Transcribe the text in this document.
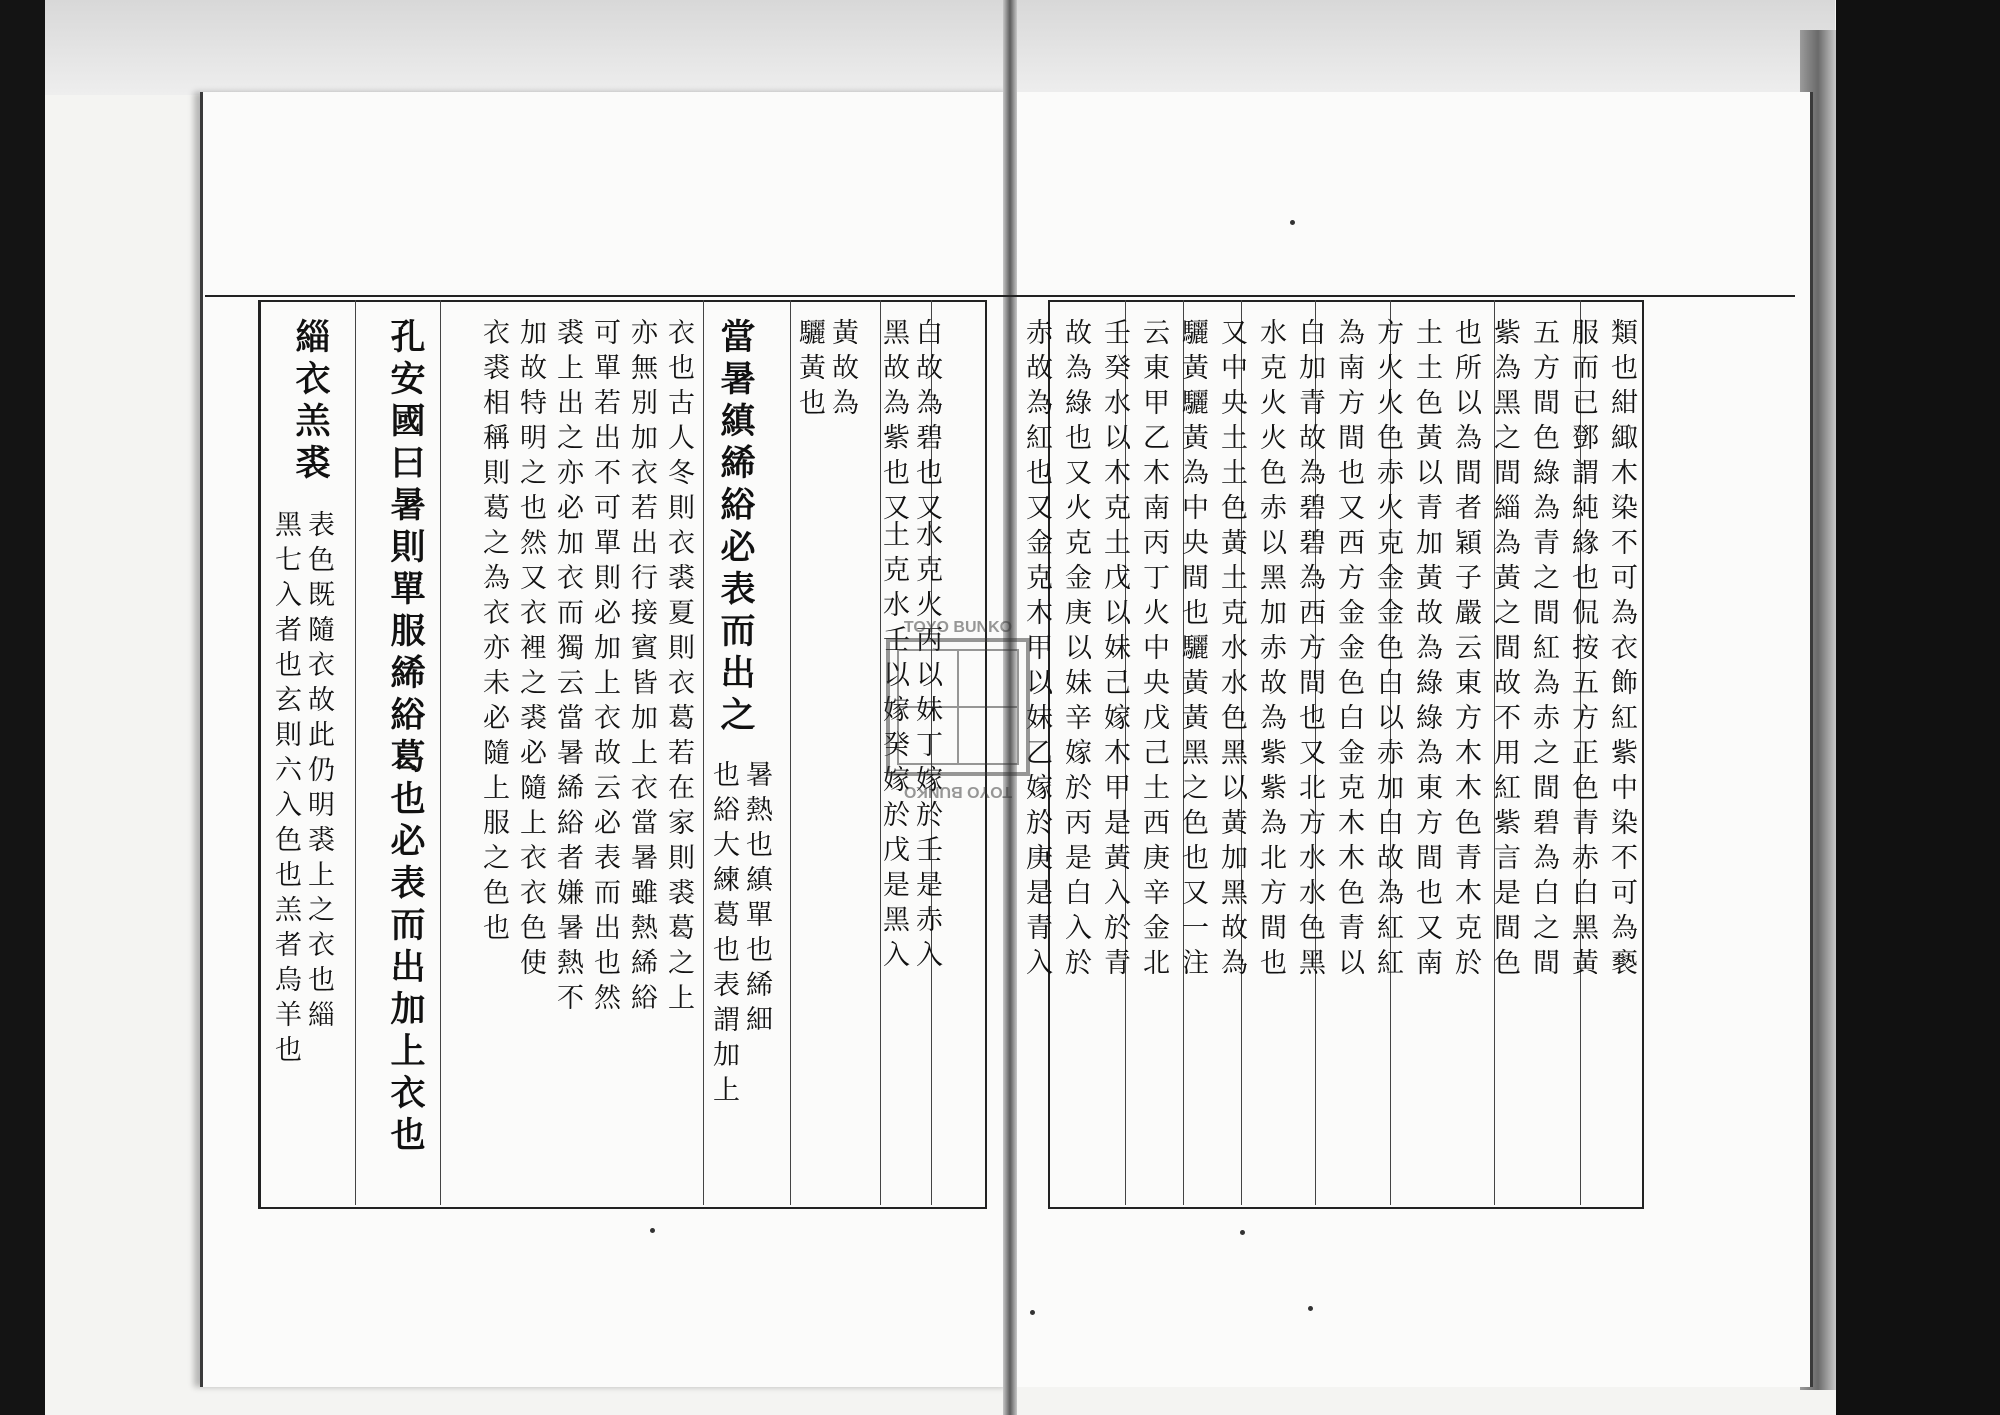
類也紺緅木染不可為衣飾紅紫中染不可為褻
服而已鄧謂純緣也侃按五方正色青赤白黑黃
五方間色綠為青之間紅為赤之間碧為白之間
紫為黑之間緇為黃之間故不用紅紫言是間色
也所以為間者穎子嚴云東方木木色青木克於
土土色黃以青加黃故為綠綠為東方間也又南
方火火色赤火克金金色白以赤加白故為紅紅
為南方間也又西方金金色白金克木木色青以
白加青故為碧碧為西方間也又北方水水色黑
水克火火色赤以黑加赤故為紫紫為北方間也
又中央土土色黃土克水水色黑以黃加黑故為
驪黃驪黃為中央間也驪黃黃黑之色也又一注
云東甲乙木南丙丁火中央戊己土西庚辛金北
壬癸水以木克土戊以妹己嫁木甲是黃入於青
故為綠也又火克金庚以妹辛嫁於丙是白入於
赤故為紅也又金克木甲以妹乙嫁於庚是青入
白故為碧也又
黑故為紫也又
水克火丙以妹丁嫁於壬是赤入
土克水壬以嫁癸嫁於戊是黑入
黃故為
驪黃也
當暑縝絺綌必表而出之
暑熱也縝單也絺細
也綌大練葛也表謂加上
衣也古人冬則衣裘夏則衣葛若在家則裘葛之上
亦無別加衣若出行接賓皆加上衣當暑雖熱絺綌
可單若出不可單則必加上衣故云必表而出也然
裘上出之亦必加衣而獨云當暑絺綌者嫌暑熱不
加故特明之也然又衣裡之裘必隨上衣衣色使
衣裘相稱則葛之為衣亦未必隨上服之色也
孔安國曰暑則單服絺綌葛也必表而出加上衣也
緇衣羔裘
表色既隨衣故此仍明裘上之衣也緇
黑七入者也玄則六入色也羔者烏羊也	TOYO BUNKO
TOYO BUNKO
